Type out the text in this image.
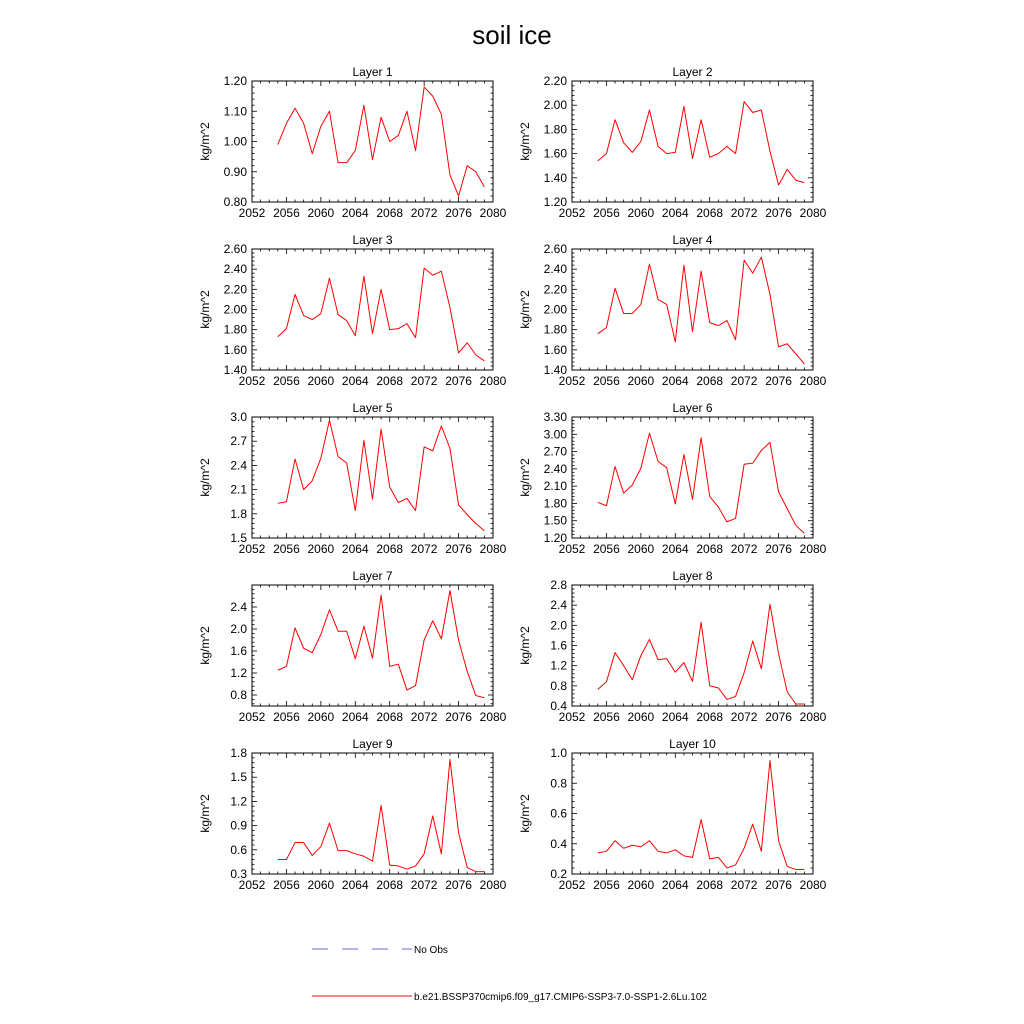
soil ice
Layer 1
kg/m^2
2052 2056 2060 2064 2068 2072 2076 2080
0.80
0.90
1.00
1.10
1.20
Layer 2
kg/m^2
2052 2056 2060 2064 2068 2072 2076 2080
1.20
1.40
1.60
1.80
2.00
2.20
Layer 3
kg/m^2
2052 2056 2060 2064 2068 2072 2076 2080
1.40
1.60
1.80
2.00
2.20
2.40
2.60
Layer 4
kg/m^2
2052 2056 2060 2064 2068 2072 2076 2080
1.40
1.60
1.80
2.00
2.20
2.40
2.60
Layer 5
kg/m^2
2052 2056 2060 2064 2068 2072 2076 2080
1.5
1.8
2.1
2.4
2.7
3.0
Layer 6
kg/m^2
2052 2056 2060 2064 2068 2072 2076 2080
1.20
1.50
1.80
2.10
2.40
2.70
3.00
3.30
Layer 7
kg/m^2
2052 2056 2060 2064 2068 2072 2076 2080
0.8
1.2
1.6
2.0
2.4
Layer 8
kg/m^2
2052 2056 2060 2064 2068 2072 2076 2080
0.4
0.8
1.2
1.6
2.0
2.4
2.8
Layer 9
kg/m^2
2052 2056 2060 2064 2068 2072 2076 2080
0.3
0.6
0.9
1.2
1.5
1.8
Layer 10
kg/m^2
2052 2056 2060 2064 2068 2072 2076 2080
0.2
0.4
0.6
0.8
1.0
No Obs
b.e21.BSSP370cmip6.f09_g17.CMIP6-SSP3-7.0-SSP1-2.6Lu.102
